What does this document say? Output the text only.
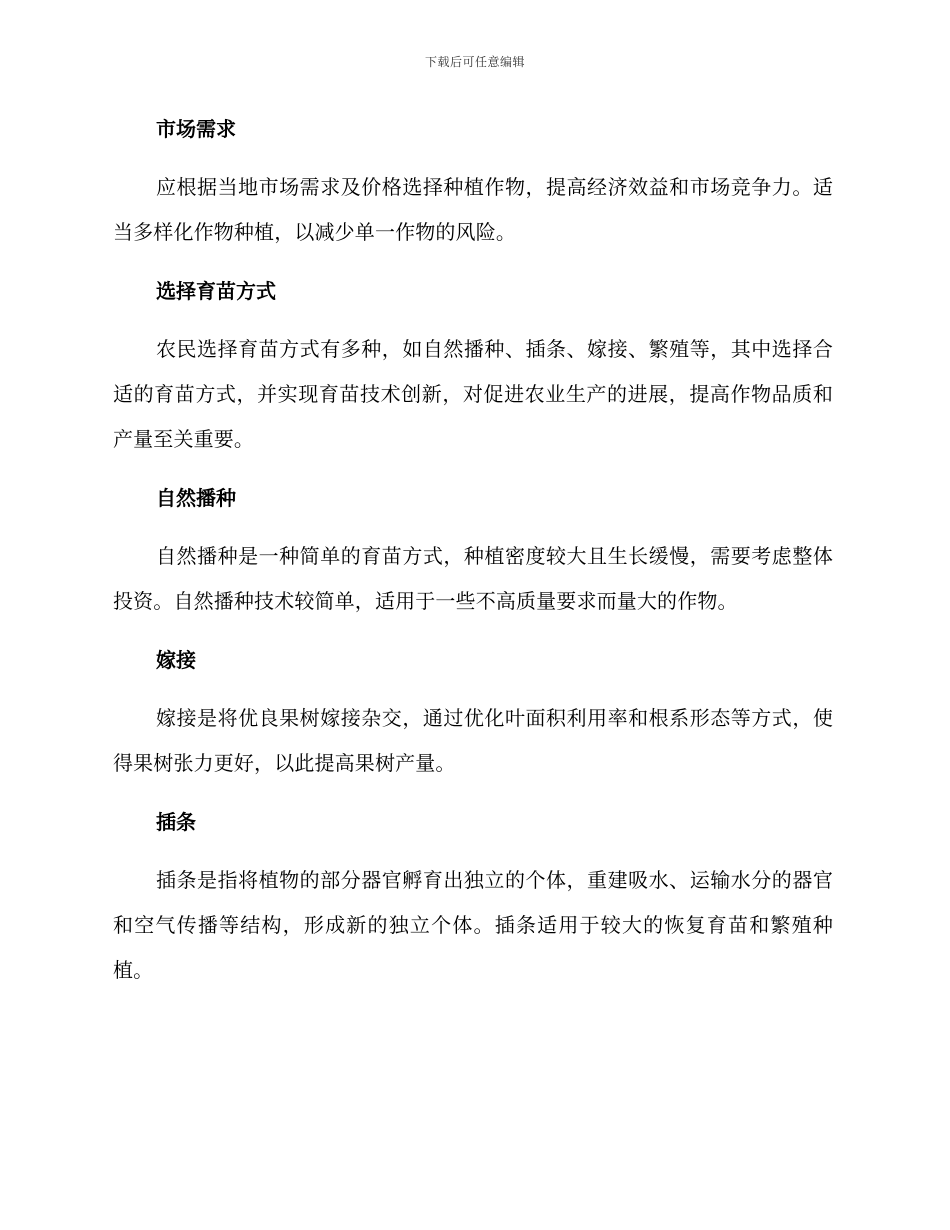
下载后可任意编辑
市场需求
应根据当地市场需求及价格选择种植作物，提高经济效益和市场竞争力。适当多样化作物种植，以减少单一作物的风险。
选择育苗方式
农民选择育苗方式有多种，如自然播种、插条、嫁接、繁殖等，其中选择合适的育苗方式，并实现育苗技术创新，对促进农业生产的进展，提高作物品质和产量至关重要。
自然播种
自然播种是一种简单的育苗方式，种植密度较大且生长缓慢，需要考虑整体投资。自然播种技术较简单，适用于一些不高质量要求而量大的作物。
嫁接
嫁接是将优良果树嫁接杂交，通过优化叶面积利用率和根系形态等方式，使得果树张力更好，以此提高果树产量。
插条
插条是指将植物的部分器官孵育出独立的个体，重建吸水、运输水分的器官和空气传播等结构，形成新的独立个体。插条适用于较大的恢复育苗和繁殖种植。
